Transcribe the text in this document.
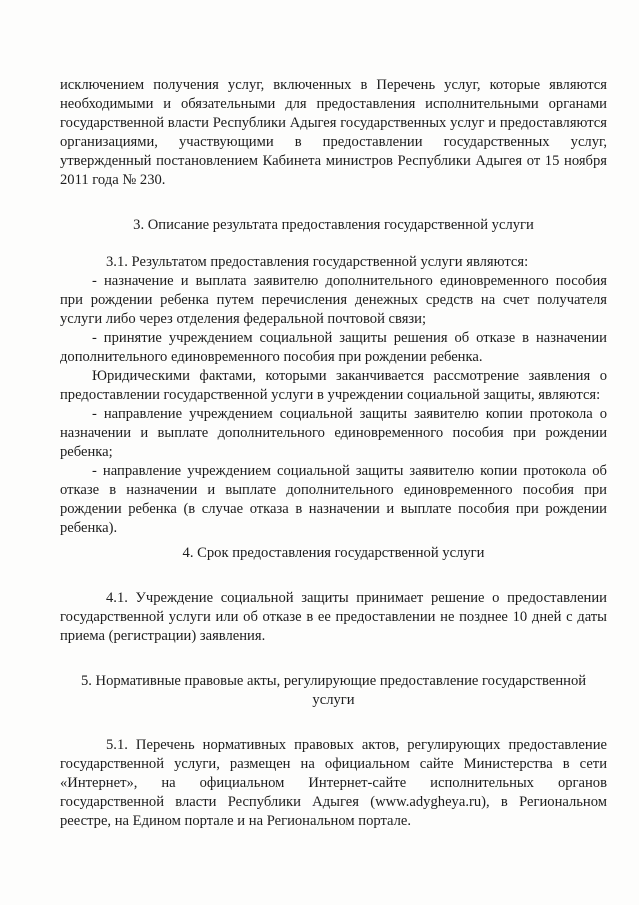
исключением получения услуг, включенных в Перечень услуг, которые являются необходимыми и обязательными для предоставления исполнительными органами государственной власти Республики Адыгея государственных услуг и предоставляются организациями, участвующими в предоставлении государственных услуг, утвержденный постановлением Кабинета министров Республики Адыгея от 15 ноября 2011 года № 230.

3. Описание результата предоставления государственной услуги

3.1. Результатом предоставления государственной услуги являются:

- назначение и выплата заявителю дополнительного единовременного пособия при рождении ребенка путем перечисления денежных средств на счет получателя услуги либо через отделения федеральной почтовой связи;

- принятие учреждением социальной защиты решения об отказе в назначении дополнительного единовременного пособия при рождении ребенка.

Юридическими фактами, которыми заканчивается рассмотрение заявления о предоставлении государственной услуги в учреждении социальной защиты, являются:

- направление учреждением социальной защиты заявителю копии протокола о назначении и выплате дополнительного единовременного пособия при рождении ребенка;

- направление учреждением социальной защиты заявителю копии протокола об отказе в назначении и выплате дополнительного единовременного пособия при рождении ребенка (в случае отказа в назначении и выплате пособия при рождении ребенка).

4. Срок предоставления государственной услуги

4.1. Учреждение социальной защиты принимает решение о предоставлении государственной услуги или об отказе в ее предоставлении не позднее 10 дней с даты приема (регистрации) заявления.

5. Нормативные правовые акты, регулирующие предоставление государственной услуги

5.1. Перечень нормативных правовых актов, регулирующих предоставление государственной услуги, размещен на официальном сайте Министерства в сети «Интернет», на официальном Интернет-сайте исполнительных органов государственной власти Республики Адыгея (www.adygheya.ru), в Региональном реестре, на Едином портале и на Региональном портале.
